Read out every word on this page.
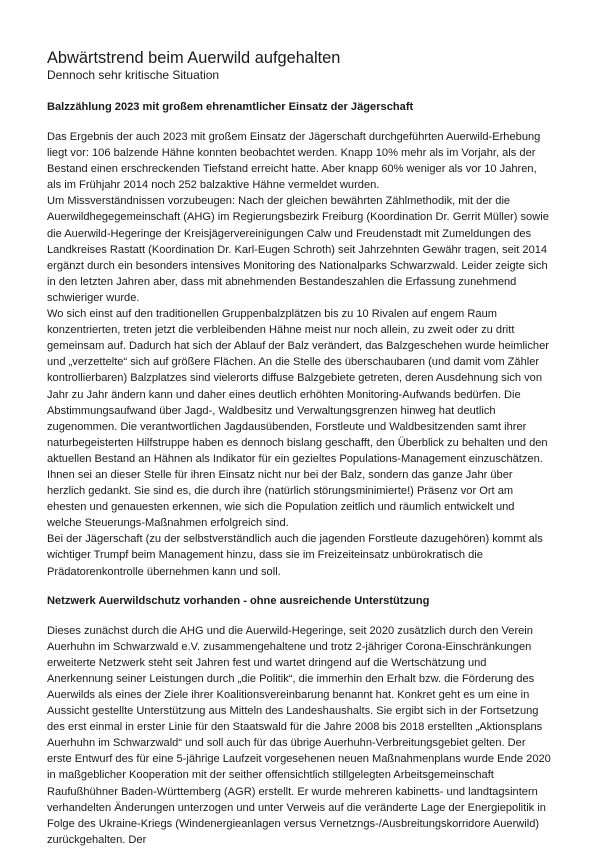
Abwärtstrend beim Auerwild aufgehalten
Dennoch sehr kritische Situation
Balzzählung 2023 mit großem ehrenamtlicher Einsatz der Jägerschaft

Das Ergebnis der auch 2023 mit großem Einsatz der Jägerschaft durchgeführten Auerwild-Erhebung liegt vor: 106 balzende Hähne konnten beobachtet werden. Knapp 10% mehr als im Vorjahr, als der Bestand einen erschreckenden Tiefstand erreicht hatte. Aber knapp 60% weniger als vor 10 Jahren, als im Frühjahr 2014 noch 252 balzaktive Hähne vermeldet wurden.

Um Missverständnissen vorzubeugen: Nach der gleichen bewährten Zählmethodik, mit der die Auerwildhegegemeinschaft (AHG) im Regierungsbezirk Freiburg (Koordination Dr. Gerrit Müller) sowie die Auerwild-Hegeringe der Kreisjägervereinigungen Calw und Freudenstadt mit Zumeldungen des Landkreises Rastatt (Koordination Dr. Karl-Eugen Schroth) seit Jahrzehnten Gewähr tragen, seit 2014 ergänzt durch ein besonders intensives Monitoring des Nationalparks Schwarzwald. Leider zeigte sich in den letzten Jahren aber, dass mit abnehmenden Bestandeszahlen die Erfassung zunehmend schwieriger wurde.

Wo sich einst auf den traditionellen Gruppenbalzplätzen bis zu 10 Rivalen auf engem Raum konzentrierten, treten jetzt die verbleibenden Hähne meist nur noch allein, zu zweit oder zu dritt gemeinsam auf. Dadurch hat sich der Ablauf der Balz verändert, das Balzgeschehen wurde heimlicher und „verzettelte“ sich auf größere Flächen. An die Stelle des überschaubaren (und damit vom Zähler kontrollierbaren) Balzplatzes sind vielerorts diffuse Balzgebiete getreten, deren Ausdehnung sich von Jahr zu Jahr ändern kann und daher eines deutlich erhöhten Monitoring-Aufwands bedürfen. Die Abstimmungsaufwand über Jagd-, Waldbesitz und Verwaltungsgrenzen hinweg hat deutlich zugenommen. Die verantwortlichen Jagdausübenden, Forstleute und Waldbesitzenden samt ihrer naturbegeisterten Hilfstruppe haben es dennoch bislang geschafft, den Überblick zu behalten und den aktuellen Bestand an Hähnen als Indikator für ein gezieltes Populations-Management einzuschätzen. Ihnen sei an dieser Stelle für ihren Einsatz nicht nur bei der Balz, sondern das ganze Jahr über herzlich gedankt. Sie sind es, die durch ihre (natürlich störungsminimierte!) Präsenz vor Ort am ehesten und genauesten erkennen, wie sich die Population zeitlich und räumlich entwickelt und welche Steuerungs-Maßnahmen erfolgreich sind.

Bei der Jägerschaft (zu der selbstverständlich auch die jagenden Forstleute dazugehören) kommt als wichtiger Trumpf beim Management hinzu, dass sie im Freizeiteinsatz unbürokratisch die Prädatorenkontrolle übernehmen kann und soll.

Netzwerk Auerwildschutz vorhanden - ohne ausreichende Unterstützung

Dieses zunächst durch die AHG und die Auerwild-Hegeringe, seit 2020 zusätzlich durch den Verein Auerhuhn im Schwarzwald e.V. zusammengehaltene und trotz 2-jähriger Corona-Einschränkungen erweiterte Netzwerk steht seit Jahren fest und wartet dringend auf die Wertschätzung und Anerkennung seiner Leistungen durch „die Politik“, die immerhin den Erhalt bzw. die Förderung des Auerwilds als eines der Ziele ihrer Koalitionsvereinbarung benannt hat. Konkret geht es um eine in Aussicht gestellte Unterstützung aus Mitteln des Landeshaushalts. Sie ergibt sich in der Fortsetzung des erst einmal in erster Linie für den Staatswald für die Jahre 2008 bis 2018 erstellten „Aktionsplans Auerhuhn im Schwarzwald“ und soll auch für das übrige Auerhuhn-Verbreitungsgebiet gelten. Der erste Entwurf des für eine 5-jährige Laufzeit vorgesehenen neuen Maßnahmenplans wurde Ende 2020 in maßgeblicher Kooperation mit der seither offensichtlich stillgelegten Arbeitsgemeinschaft Raufußhühner Baden-Württemberg (AGR) erstellt. Er wurde mehreren kabinetts- und landtagsintern verhandelten Änderungen unterzogen und unter Verweis auf die veränderte Lage der Energiepolitik in Folge des Ukraine-Kriegs (Windenergieanlagen versus Vernetzngs-/Ausbreitungskorridore Auerwild) zurückgehalten. Der
